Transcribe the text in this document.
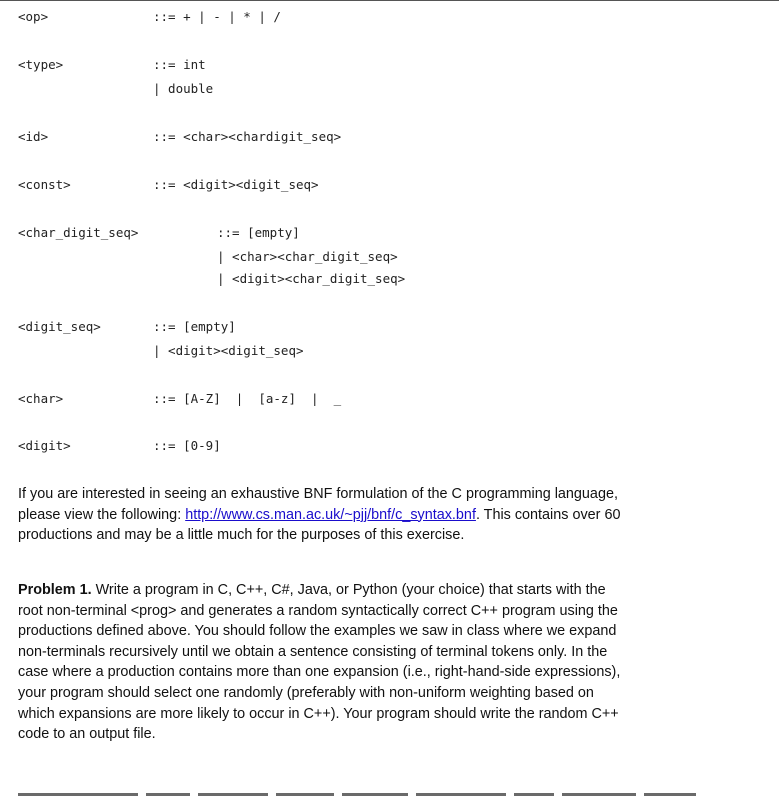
<op>	::= + | - | * | /
<type>	::= int
| double
<id>	::= <char><chardigit_seq>
<const>	::= <digit><digit_seq>
<char_digit_seq>	::= [empty]
| <char><char_digit_seq>
| <digit><char_digit_seq>
<digit_seq>	::= [empty]
| <digit><digit_seq>
<char>	::= [A-Z]  |  [a-z]  |  _
<digit>	::= [0-9]
If you are interested in seeing an exhaustive BNF formulation of the C programming language,
please view the following: http://www.cs.man.ac.uk/~pjj/bnf/c_syntax.bnf. This contains over 60
productions and may be a little much for the purposes of this exercise.
Problem 1. Write a program in C, C++, C#, Java, or Python (your choice) that starts with the
root non-terminal <prog> and generates a random syntactically correct C++ program using the
productions defined above. You should follow the examples we saw in class where we expand
non-terminals recursively until we obtain a sentence consisting of terminal tokens only. In the
case where a production contains more than one expansion (i.e., right-hand-side expressions),
your program should select one randomly (preferably with non-uniform weighting based on
which expansions are more likely to occur in C++). Your program should write the random C++
code to an output file.
